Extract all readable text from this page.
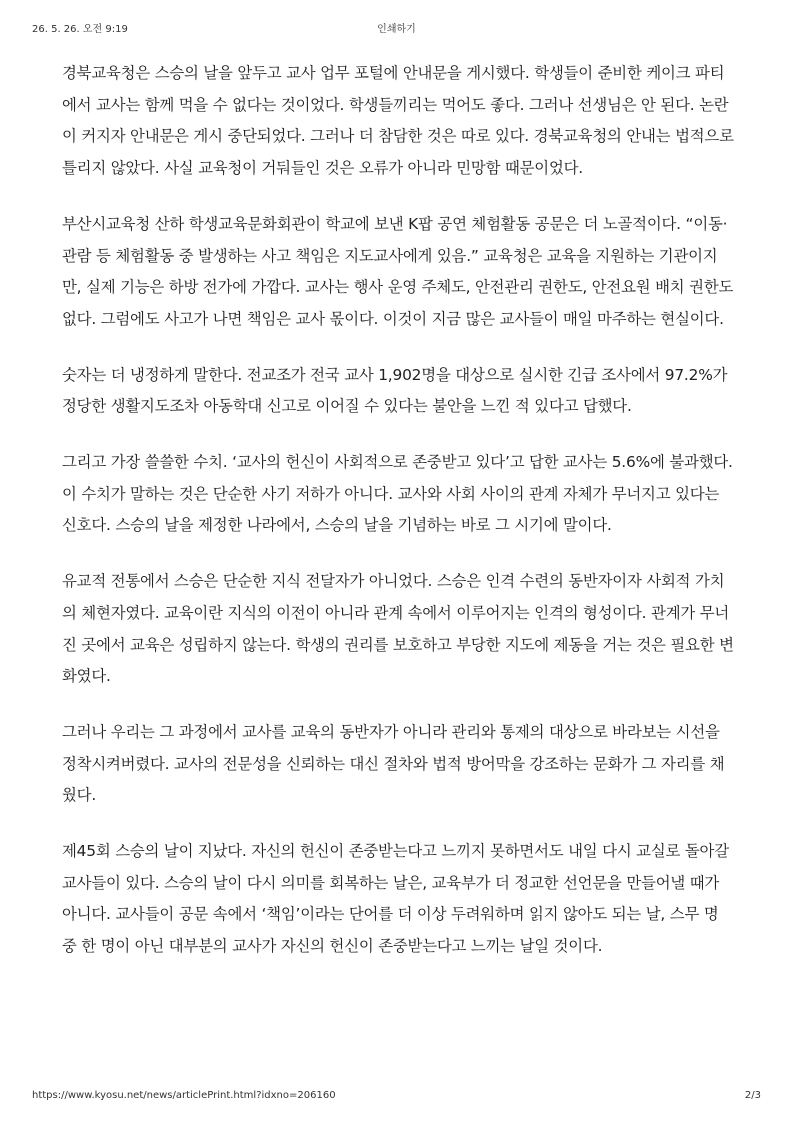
26. 5. 26. 오전 9:19	인쇄하기

경북교육청은 스승의 날을 앞두고 교사 업무 포털에 안내문을 게시했다. 학생들이 준비한 케이크 파티에서 교사는 함께 먹을 수 없다는 것이었다. 학생들끼리는 먹어도 좋다. 그러나 선생님은 안 된다. 논란이 커지자 안내문은 게시 중단되었다. 그러나 더 참담한 것은 따로 있다. 경북교육청의 안내는 법적으로 틀리지 않았다. 사실 교육청이 거둬들인 것은 오류가 아니라 민망함 때문이었다.

부산시교육청 산하 학생교육문화회관이 학교에 보낸 K팝 공연 체험활동 공문은 더 노골적이다. “이동·관람 등 체험활동 중 발생하는 사고 책임은 지도교사에게 있음.” 교육청은 교육을 지원하는 기관이지만, 실제 기능은 하방 전가에 가깝다. 교사는 행사 운영 주체도, 안전관리 권한도, 안전요원 배치 권한도 없다. 그럼에도 사고가 나면 책임은 교사 몫이다. 이것이 지금 많은 교사들이 매일 마주하는 현실이다.

숫자는 더 냉정하게 말한다. 전교조가 전국 교사 1,902명을 대상으로 실시한 긴급 조사에서 97.2%가 정당한 생활지도조차 아동학대 신고로 이어질 수 있다는 불안을 느낀 적 있다고 답했다.

그리고 가장 쓸쓸한 수치. ‘교사의 헌신이 사회적으로 존중받고 있다’고 답한 교사는 5.6%에 불과했다. 이 수치가 말하는 것은 단순한 사기 저하가 아니다. 교사와 사회 사이의 관계 자체가 무너지고 있다는 신호다. 스승의 날을 제정한 나라에서, 스승의 날을 기념하는 바로 그 시기에 말이다.

유교적 전통에서 스승은 단순한 지식 전달자가 아니었다. 스승은 인격 수련의 동반자이자 사회적 가치의 체현자였다. 교육이란 지식의 이전이 아니라 관계 속에서 이루어지는 인격의 형성이다. 관계가 무너진 곳에서 교육은 성립하지 않는다. 학생의 권리를 보호하고 부당한 지도에 제동을 거는 것은 필요한 변화였다.

그러나 우리는 그 과정에서 교사를 교육의 동반자가 아니라 관리와 통제의 대상으로 바라보는 시선을 정착시켜버렸다. 교사의 전문성을 신뢰하는 대신 절차와 법적 방어막을 강조하는 문화가 그 자리를 채웠다.

제45회 스승의 날이 지났다. 자신의 헌신이 존중받는다고 느끼지 못하면서도 내일 다시 교실로 돌아갈 교사들이 있다. 스승의 날이 다시 의미를 회복하는 날은, 교육부가 더 정교한 선언문을 만들어낼 때가 아니다. 교사들이 공문 속에서 ‘책임’이라는 단어를 더 이상 두려워하며 읽지 않아도 되는 날, 스무 명 중 한 명이 아닌 대부분의 교사가 자신의 헌신이 존중받는다고 느끼는 날일 것이다.

https://www.kyosu.net/news/articlePrint.html?idxno=206160	2/3
